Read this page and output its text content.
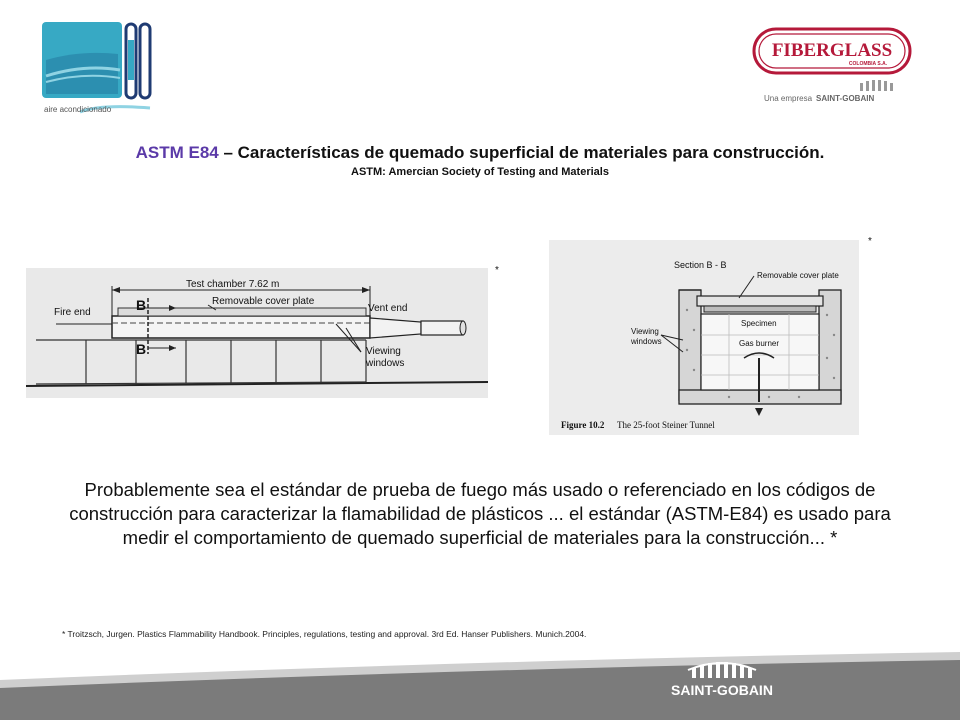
aire acondicionado
FIBERGLASS
COLOMBIA S.A.
Una empresa SAINT-GOBAIN
ASTM E84 – Características de quemado superficial de materiales para construcción.
ASTM: Amercian Society of Testing and Materials
Test chamber 7.62 m
Removable cover plate
Fire end	Vent end
Viewing
windows
B
B
*	Section B - B
Removable cover plate
Specimen
Gas burner
Viewing
windows
Figure 10.2 The 25-foot Steiner Tunnel
*
Probablemente sea el estándar de prueba de fuego más usado o referenciado en los códigos de construcción para caracterizar la flamabilidad de plásticos ... el estándar (ASTM-E84) es usado para medir el comportamiento de quemado superficial de materiales para la construcción... *
* Troitzsch, Jurgen. Plastics Flammability Handbook. Principles, regulations, testing and approval. 3rd Ed. Hanser Publishers. Munich.2004.
SAINT-GOBAIN
